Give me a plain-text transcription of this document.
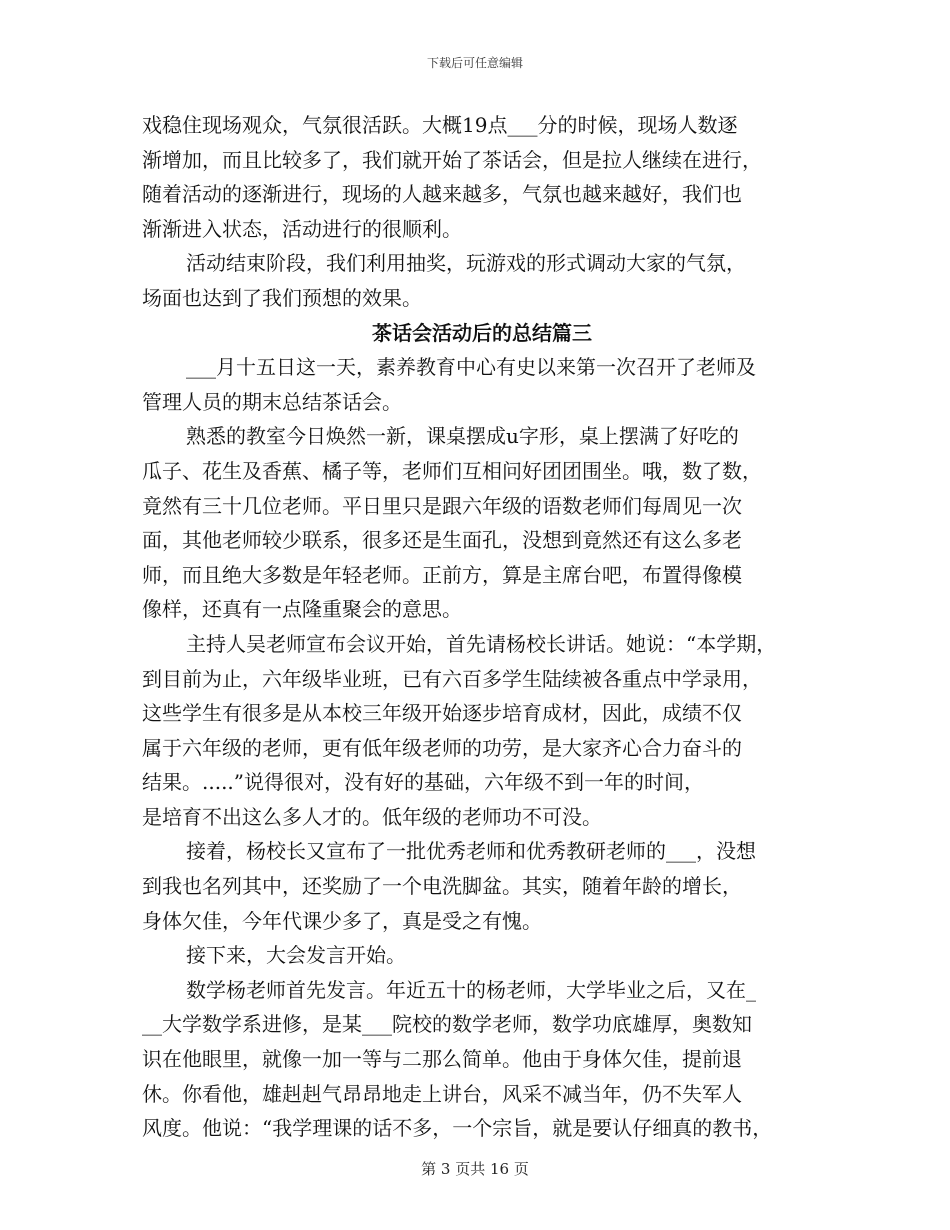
下载后可任意编辑
戏稳住现场观众，气氛很活跃。大概19点___分的时候，现场人数逐
渐增加，而且比较多了，我们就开始了茶话会，但是拉人继续在进行，
随着活动的逐渐进行，现场的人越来越多，气氛也越来越好，我们也
渐渐进入状态，活动进行的很顺利。
活动结束阶段，我们利用抽奖，玩游戏的形式调动大家的气氛，
场面也达到了我们预想的效果。
茶话会活动后的总结篇三
___月十五日这一天，素养教育中心有史以来第一次召开了老师及
管理人员的期末总结茶话会。
熟悉的教室今日焕然一新，课桌摆成u字形，桌上摆满了好吃的
瓜子、花生及香蕉、橘子等，老师们互相问好团团围坐。哦，数了数，
竟然有三十几位老师。平日里只是跟六年级的语数老师们每周见一次
面，其他老师较少联系，很多还是生面孔，没想到竟然还有这么多老
师，而且绝大多数是年轻老师。正前方，算是主席台吧，布置得像模
像样，还真有一点隆重聚会的意思。
主持人吴老师宣布会议开始，首先请杨校长讲话。她说：“本学期，
到目前为止，六年级毕业班，已有六百多学生陆续被各重点中学录用，
这些学生有很多是从本校三年级开始逐步培育成材，因此，成绩不仅
属于六年级的老师，更有低年级老师的功劳，是大家齐心合力奋斗的
结果。.....”说得很对，没有好的基础，六年级不到一年的时间，
是培育不出这么多人才的。低年级的老师功不可没。
接着，杨校长又宣布了一批优秀老师和优秀教研老师的___，没想
到我也名列其中，还奖励了一个电洗脚盆。其实，随着年龄的增长，
身体欠佳，今年代课少多了，真是受之有愧。
接下来，大会发言开始。
数学杨老师首先发言。年近五十的杨老师，大学毕业之后，又在_
__大学数学系进修，是某___院校的数学老师，数学功底雄厚，奥数知
识在他眼里，就像一加一等与二那么简单。他由于身体欠佳，提前退
休。你看他，雄赳赳气昂昂地走上讲台，风采不减当年，仍不失军人
风度。他说：“我学理课的话不多，一个宗旨，就是要认仔细真的教书，
第 3 页共 16 页
